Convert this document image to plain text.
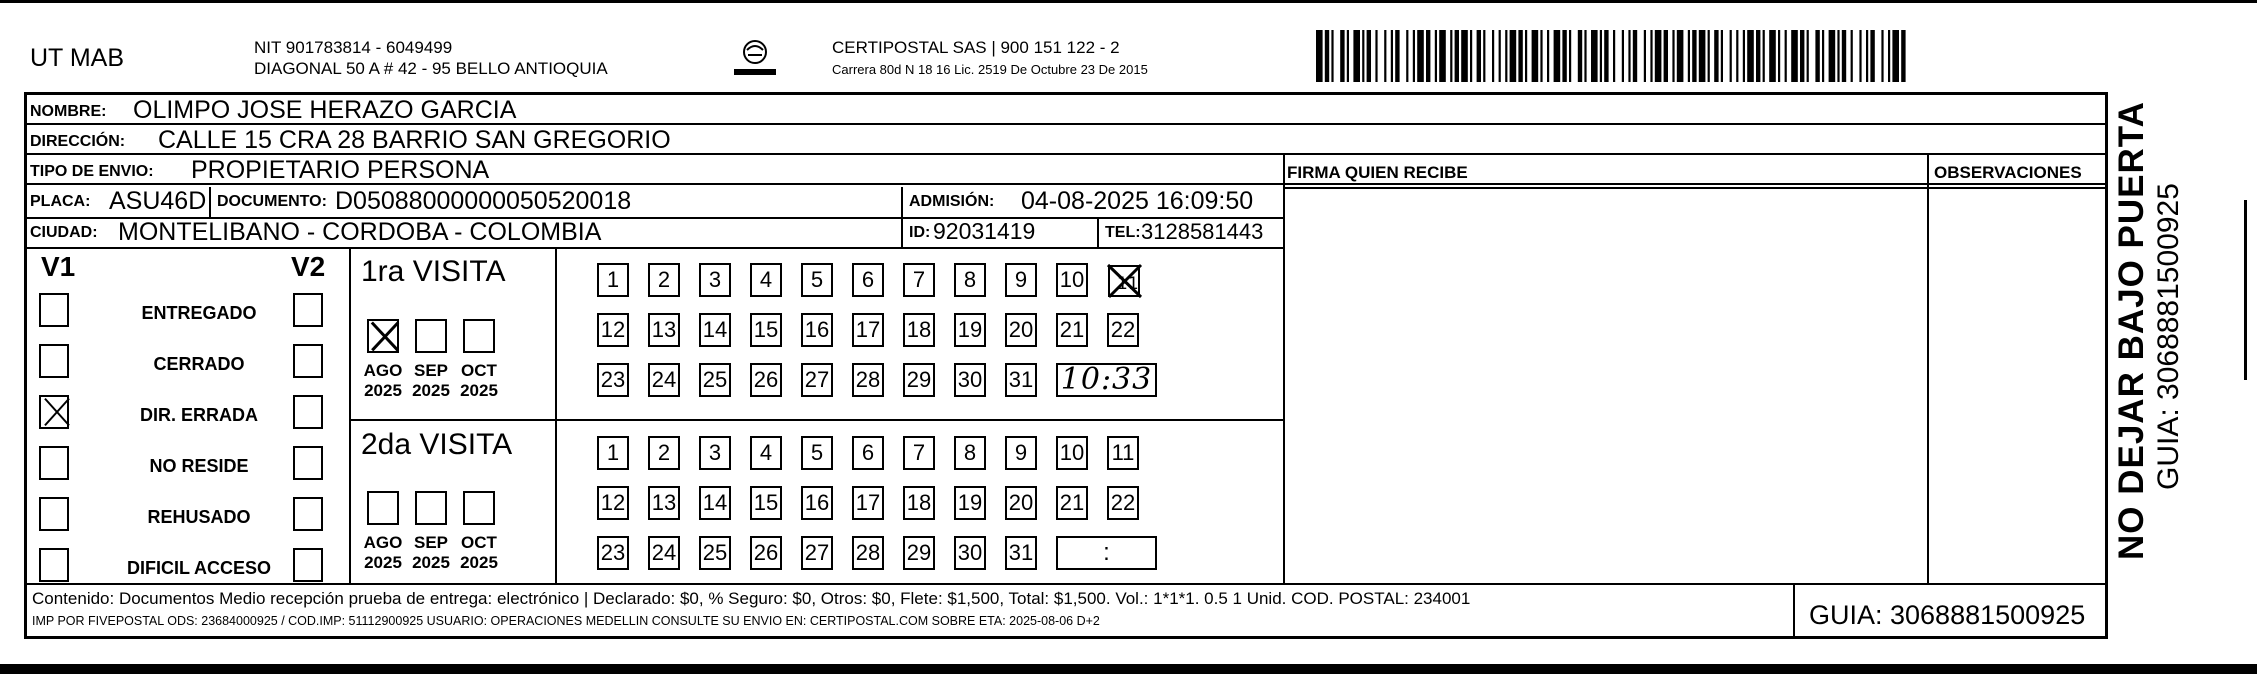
UT MAB	NIT 901783814 - 6049499
DIAGONAL 50 A # 42 - 95 BELLO ANTIOQUIA
CERTIPOSTAL SAS | 900 151 122 - 2
Carrera 80d N 18 16 Lic. 2519 De Octubre 23 De 2015
NOMBRE: OLIMPO JOSE HERAZO GARCIA
DIRECCIÓN: CALLE 15 CRA 28 BARRIO SAN GREGORIO
TIPO DE ENVIO: PROPIETARIO PERSONA	FIRMA QUIEN RECIBE	OBSERVACIONES
PLACA: ASU46D DOCUMENTO: D05088000000050520018	ADMISIÓN: 04-08-2025 16:09:50
CIUDAD: MONTELIBANO - CORDOBA - COLOMBIA	ID: 92031419	TEL: 3128581443
V1	V2
ENTREGADO
CERRADO
DIR. ERRADA
NO RESIDE
REHUSADO
DIFICIL ACCESO
1ra VISITA
AGO
2025
SEP
2025
OCT
2025
1	2	3	4	5	6	7	8	9	10 11
12 13 14 15 16 17 18 19 20 21 22
23 24 25 26 27 28 29 30 31 10:33
2da VISITA
AGO
2025
SEP
2025
OCT
2025
1	2	3	4	5	6	7	8	9	10 11
12 13 14 15 16 17 18 19 20 21 22
23 24 25 26 27 28 29 30 31	:
Contenido: Documentos Medio recepción prueba de entrega: electrónico | Declarado: $0, % Seguro: $0, Otros: $0, Flete: $1,500, Total: $1,500. Vol.: 1*1*1. 0.5 1 Unid. COD. POSTAL: 234001
IMP POR FIVEPOSTAL ODS: 23684000925 / COD.IMP: 51112900925 USUARIO: OPERACIONES MEDELLIN CONSULTE SU ENVIO EN: CERTIPOSTAL.COM SOBRE ETA: 2025-08-06 D+2	GUIA: 3068881500925
NO DEJAR BAJO PUERTA GUIA: 3068881500925
